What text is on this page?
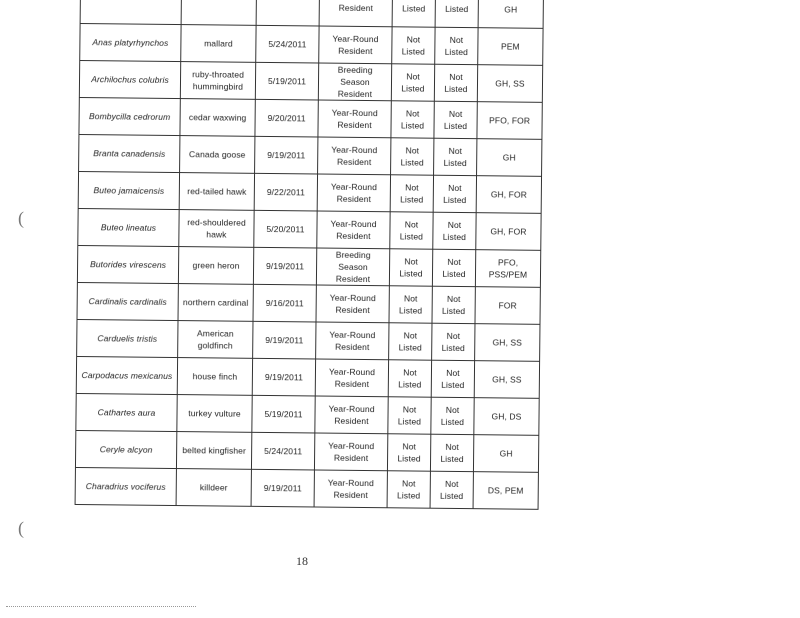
			Resident	Listed	Listed	GH
Anas platyrhynchos	mallard	5/24/2011	Year-Round Resident	Not Listed	Not Listed	PEM
Archilochus colubris	ruby-throated hummingbird	5/19/2011	Breeding Season Resident	Not Listed	Not Listed	GH, SS
Bombycilla cedrorum	cedar waxwing	9/20/2011	Year-Round Resident	Not Listed	Not Listed	PFO, FOR
Branta canadensis	Canada goose	9/19/2011	Year-Round Resident	Not Listed	Not Listed	GH
Buteo jamaicensis	red-tailed hawk	9/22/2011	Year-Round Resident	Not Listed	Not Listed	GH, FOR
Buteo lineatus	red-shouldered hawk	5/20/2011	Year-Round Resident	Not Listed	Not Listed	GH, FOR
Butorides virescens	green heron	9/19/2011	Breeding Season Resident	Not Listed	Not Listed	PFO, PSS/PEM
Cardinalis cardinalis	northern cardinal	9/16/2011	Year-Round Resident	Not Listed	Not Listed	FOR
Carduelis tristis	American goldfinch	9/19/2011	Year-Round Resident	Not Listed	Not Listed	GH, SS
Carpodacus mexicanus	house finch	9/19/2011	Year-Round Resident	Not Listed	Not Listed	GH, SS
Cathartes aura	turkey vulture	5/19/2011	Year-Round Resident	Not Listed	Not Listed	GH, DS
Ceryle alcyon	belted kingfisher	5/24/2011	Year-Round Resident	Not Listed	Not Listed	GH
Charadrius vociferus	killdeer	9/19/2011	Year-Round Resident	Not Listed	Not Listed	DS, PEM
(
(
18
